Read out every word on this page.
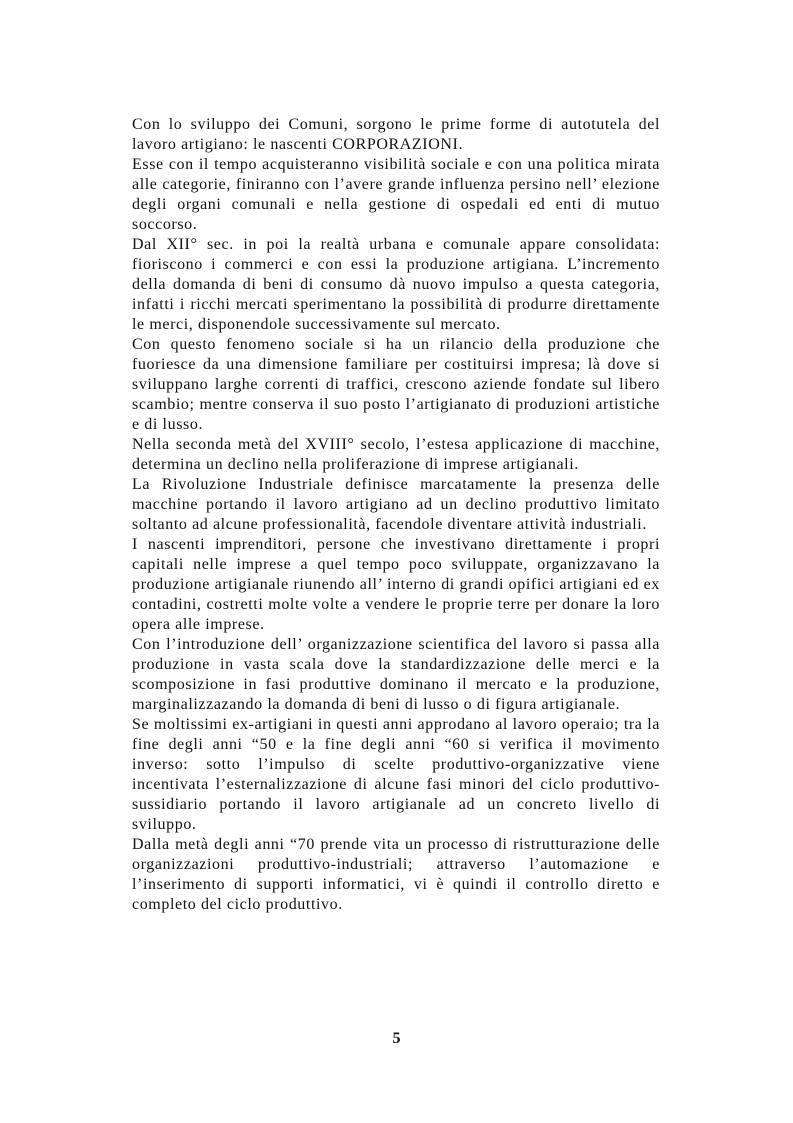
Con lo sviluppo dei Comuni, sorgono le prime forme di autotutela del lavoro artigiano: le nascenti CORPORAZIONI.

Esse con il tempo acquisteranno visibilità sociale e con una politica mirata alle categorie, finiranno con l’avere grande influenza persino nell’ elezione degli organi comunali e nella gestione di ospedali ed enti di mutuo soccorso.

Dal XII° sec. in poi la realtà urbana e comunale appare consolidata: fioriscono i commerci e con essi la produzione artigiana. L’incremento della domanda di beni di consumo dà nuovo impulso a questa categoria, infatti i ricchi mercati sperimentano la possibilità di produrre direttamente le merci, disponendole successivamente sul mercato.

Con questo fenomeno sociale si ha un rilancio della produzione che fuoriesce da una dimensione familiare per costituirsi impresa; là dove si sviluppano larghe correnti di traffici, crescono aziende fondate sul libero scambio; mentre conserva il suo posto l’artigianato di produzioni artistiche e di lusso.

Nella seconda metà del XVIII° secolo, l’estesa applicazione di macchine, determina un declino nella proliferazione di imprese artigianali.

La Rivoluzione Industriale definisce marcatamente la presenza delle macchine portando il lavoro artigiano ad un declino produttivo limitato soltanto ad alcune professionalità, facendole diventare attività industriali.

I nascenti imprenditori, persone che investivano direttamente i propri capitali nelle imprese a quel tempo poco sviluppate, organizzavano la produzione artigianale riunendo all’ interno di grandi opifici artigiani ed ex contadini, costretti molte volte a vendere le proprie terre per donare la loro opera alle imprese.

Con l’introduzione dell’ organizzazione scientifica del lavoro si passa alla produzione in vasta scala dove la standardizzazione delle merci e la scomposizione in fasi produttive dominano il mercato e la produzione, marginalizzazando la domanda di beni di lusso o di figura artigianale.

Se moltissimi ex-artigiani in questi anni approdano al lavoro operaio; tra la fine degli anni “50 e la fine degli anni “60 si verifica il movimento inverso: sotto l’impulso di scelte produttivo-organizzative viene incentivata l’esternalizzazione di alcune fasi minori del ciclo produttivo-sussidiario portando il lavoro artigianale ad un concreto livello di sviluppo.

Dalla metà degli anni “70 prende vita un processo di ristrutturazione delle organizzazioni produttivo-industriali; attraverso l’automazione e l’inserimento di supporti informatici, vi è quindi il controllo diretto e completo del ciclo produttivo.

5
